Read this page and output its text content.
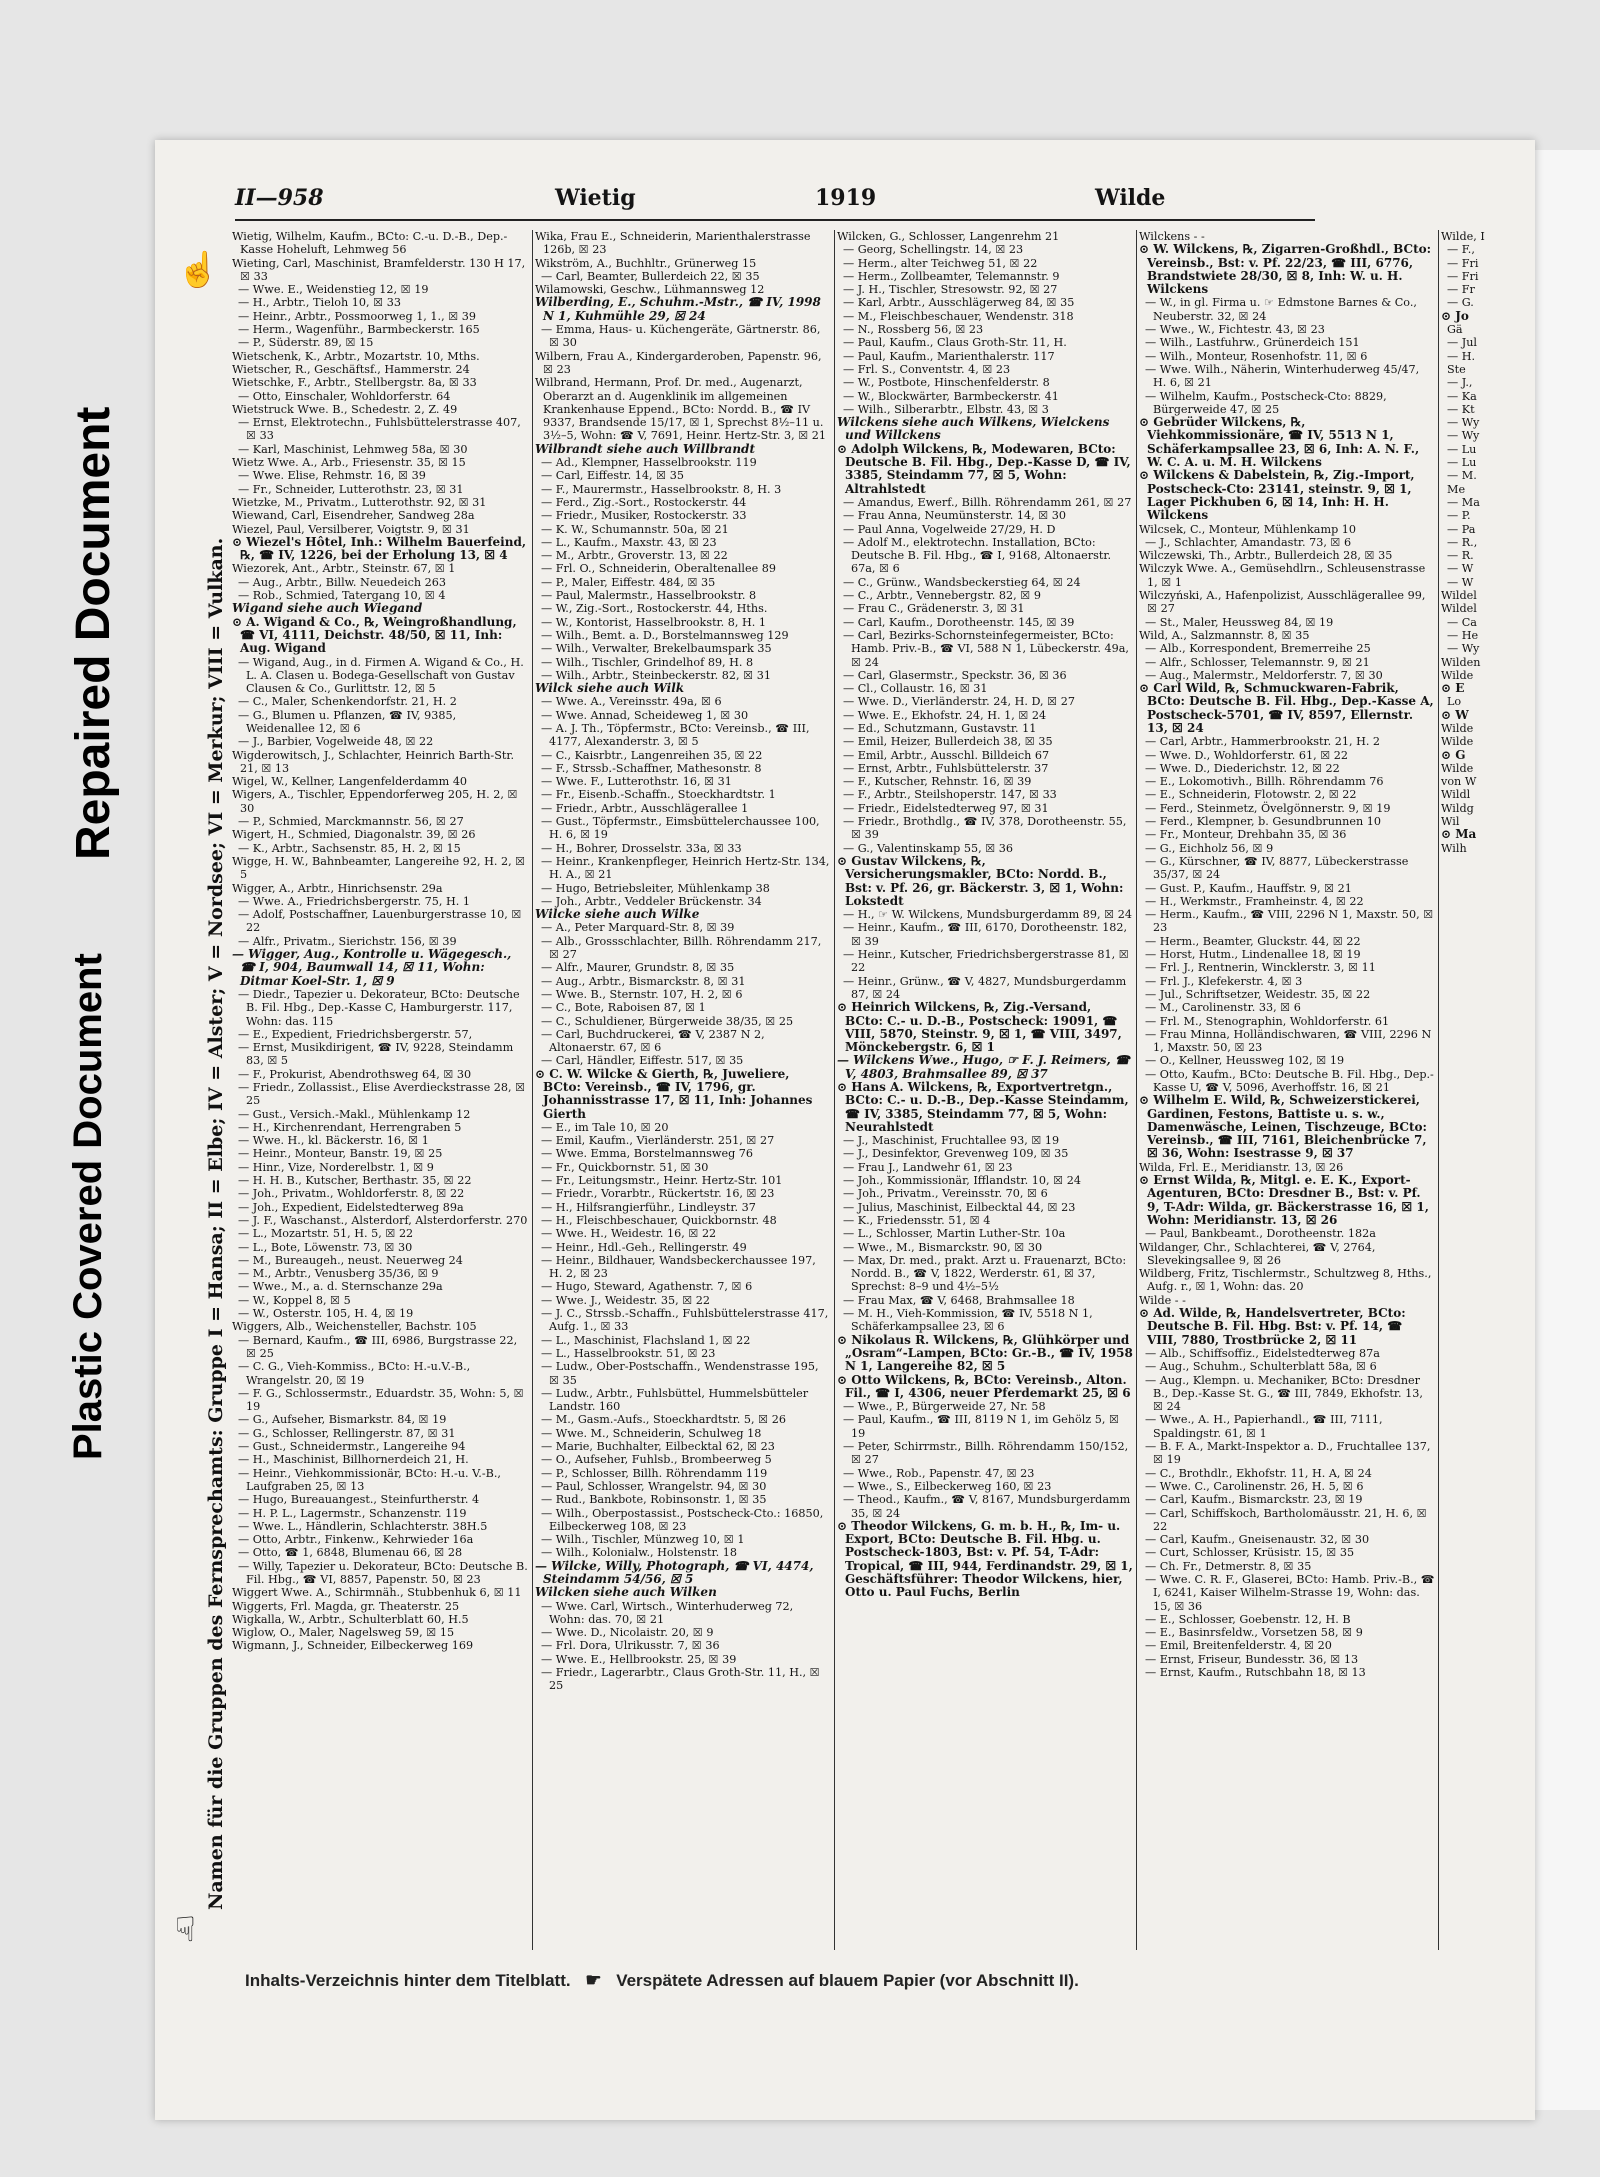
Plastic Covered Document
Repaired Document
II—958	Wietig	1919	Wilde
☝
Namen für die Gruppen des Fernsprechamts: Gruppe I = Hansa; II = Elbe; IV = Alster; V = Nordsee; VI = Merkur; VIII = Vulkan.
☟

Wietig, Wilhelm, Kaufm., BCto: C.-u. D.-B., Dep.-Kasse Hoheluft, Lehmweg 56

Wieting, Carl, Maschinist, Bramfelderstr. 130 H 17, ☒ 33

— Wwe. E., Weidenstieg 12, ☒ 19

— H., Arbtr., Tieloh 10, ☒ 33

— Heinr., Arbtr., Possmoorweg 1, 1., ☒ 39

— Herm., Wagenführ., Barmbeckerstr. 165

— P., Süderstr. 89, ☒ 15

Wietschenk, K., Arbtr., Mozartstr. 10, Mths.

Wietscher, R., Geschäftsf., Hammerstr. 24

Wietschke, F., Arbtr., Stellbergstr. 8a, ☒ 33

— Otto, Einschaler, Wohldorferstr. 64

Wietstruck Wwe. B., Schedestr. 2, Z. 49

— Ernst, Elektrotechn., Fuhlsbüttelerstrasse 407, ☒ 33

— Karl, Maschinist, Lehmweg 58a, ☒ 30

Wietz Wwe. A., Arb., Friesenstr. 35, ☒ 15

— Wwe. Elise, Rehmstr. 16, ☒ 39

— Fr., Schneider, Lutterothstr. 23, ☒ 31

Wietzke, M., Privatm., Lutterothstr. 92, ☒ 31

Wiewand, Carl, Eisendreher, Sandweg 28a

Wiezel, Paul, Versilberer, Voigtstr. 9, ☒ 31

⊙ Wiezel's Hôtel, Inh.: Wilhelm Bauerfeind, ℞, ☎ IV, 1226, bei der Erholung 13, ☒ 4

Wiezorek, Ant., Arbtr., Steinstr. 67, ☒ 1

— Aug., Arbtr., Billw. Neuedeich 263

— Rob., Schmied, Tatergang 10, ☒ 4

Wigand siehe auch Wiegand

⊙ A. Wigand & Co., ℞, Weingroßhandlung, ☎ VI, 4111, Deichstr. 48/50, ☒ 11, Inh: Aug. Wigand

— Wigand, Aug., in d. Firmen A. Wigand & Co., H. L. A. Clasen u. Bodega-Gesellschaft von Gustav Clausen & Co., Gurlittstr. 12, ☒ 5

— C., Maler, Schenkendorfstr. 21, H. 2

— G., Blumen u. Pflanzen, ☎ IV, 9385, Weidenallee 12, ☒ 6

— J., Barbier, Vogelweide 48, ☒ 22

Wigderowitsch, J., Schlachter, Heinrich Barth-Str. 21, ☒ 13

Wigel, W., Kellner, Langenfelderdamm 40

Wigers, A., Tischler, Eppendorferweg 205, H. 2, ☒ 30

— P., Schmied, Marckmannstr. 56, ☒ 27

Wigert, H., Schmied, Diagonalstr. 39, ☒ 26

— K., Arbtr., Sachsenstr. 85, H. 2, ☒ 15

Wigge, H. W., Bahnbeamter, Langereihe 92, H. 2, ☒ 5

Wigger, A., Arbtr., Hinrichsenstr. 29a

— Wwe. A., Friedrichsbergerstr. 75, H. 1

— Adolf, Postschaffner, Lauenburgerstrasse 10, ☒ 22

— Alfr., Privatm., Sierichstr. 156, ☒ 39

— Wigger, Aug., Kontrolle u. Wägegesch., ☎ I, 904, Baumwall 14, ☒ 11, Wohn: Ditmar Koel-Str. 1, ☒ 9

— Diedr., Tapezier u. Dekorateur, BCto: Deutsche B. Fil. Hbg., Dep.-Kasse C, Hamburgerstr. 117, Wohn: das. 115

— E., Expedient, Friedrichsbergerstr. 57,

— Ernst, Musikdirigent, ☎ IV, 9228, Steindamm 83, ☒ 5

— F., Prokurist, Abendrothsweg 64, ☒ 30

— Friedr., Zollassist., Elise Averdieckstrasse 28, ☒ 25

— Gust., Versich.-Makl., Mühlenkamp 12

— H., Kirchenrendant, Herrengraben 5

— Wwe. H., kl. Bäckerstr. 16, ☒ 1

— Heinr., Monteur, Banstr. 19, ☒ 25

— Hinr., Vize, Norderelbstr. 1, ☒ 9

— H. H. B., Kutscher, Berthastr. 35, ☒ 22

— Joh., Privatm., Wohldorferstr. 8, ☒ 22

— Joh., Expedient, Eidelstedterweg 89a

— J. F., Waschanst., Alsterdorf, Alsterdorferstr. 270

— L., Mozartstr. 51, H. 5, ☒ 22

— L., Bote, Löwenstr. 73, ☒ 30

— M., Bureaugeh., neust. Neuerweg 24

— M., Arbtr., Venusberg 35/36, ☒ 9

— Wwe., M., a. d. Sternschanze 29a

— W., Koppel 8, ☒ 5

— W., Osterstr. 105, H. 4, ☒ 19

Wiggers, Alb., Weichensteller, Bachstr. 105

— Bernard, Kaufm., ☎ III, 6986, Burgstrasse 22, ☒ 25

— C. G., Vieh-Kommiss., BCto: H.-u.V.-B., Wrangelstr. 20, ☒ 19

— F. G., Schlossermstr., Eduardstr. 35, Wohn: 5, ☒ 19

— G., Aufseher, Bismarkstr. 84, ☒ 19

— G., Schlosser, Rellingerstr. 87, ☒ 31

— Gust., Schneidermstr., Langereihe 94

— H., Maschinist, Billhornerdeich 21, H.

— Heinr., Viehkommissionär, BCto: H.-u. V.-B., Laufgraben 25, ☒ 13

— Hugo, Bureauangest., Steinfurtherstr. 4

— H. P. L., Lagermstr., Schanzenstr. 119

— Wwe. L., Händlerin, Schlachterstr. 38H.5

— Otto, Arbtr., Finkenw., Kehrwieder 16a

— Otto, ☎ 1, 6848, Blumenau 66, ☒ 28

— Willy, Tapezier u. Dekorateur, BCto: Deutsche B. Fil. Hbg., ☎ VI, 8857, Papenstr. 50, ☒ 23

Wiggert Wwe. A., Schirmnäh., Stubbenhuk 6, ☒ 11

Wiggerts, Frl. Magda, gr. Theaterstr. 25

Wigkalla, W., Arbtr., Schulterblatt 60, H.5

Wiglow, O., Maler, Nagelsweg 59, ☒ 15

Wigmann, J., Schneider, Eilbeckerweg 169

Wika, Frau E., Schneiderin, Marienthalerstrasse 126b, ☒ 23

Wikström, A., Buchhltr., Grünerweg 15

— Carl, Beamter, Bullerdeich 22, ☒ 35

Wilamowski, Geschw., Lühmannsweg 12

Wilberding, E., Schuhm.-Mstr., ☎ IV, 1998 N 1, Kuhmühle 29, ☒ 24

— Emma, Haus- u. Küchengeräte, Gärtnerstr. 86, ☒ 30

Wilbern, Frau A., Kindergarderoben, Papenstr. 96, ☒ 23

Wilbrand, Hermann, Prof. Dr. med., Augenarzt, Oberarzt an d. Augenklinik im allgemeinen Krankenhause Eppend., BCto: Nordd. B., ☎ IV 9337, Brandsende 15/17, ☒ 1, Sprechst 8½–11 u. 3½–5, Wohn: ☎ V, 7691, Heinr. Hertz-Str. 3, ☒ 21

Wilbrandt siehe auch Willbrandt

— Ad., Klempner, Hasselbrookstr. 119

— Carl, Eiffestr. 14, ☒ 35

— F., Maurermstr., Hasselbrookstr. 8, H. 3

— Ferd., Zig.-Sort., Rostockerstr. 44

— Friedr., Musiker, Rostockerstr. 33

— K. W., Schumannstr. 50a, ☒ 21

— L., Kaufm., Maxstr. 43, ☒ 23

— M., Arbtr., Groverstr. 13, ☒ 22

— Frl. O., Schneiderin, Oberaltenallee 89

— P., Maler, Eiffestr. 484, ☒ 35

— Paul, Malermstr., Hasselbrookstr. 8

— W., Zig.-Sort., Rostockerstr. 44, Hths.

— W., Kontorist, Hasselbrookstr. 8, H. 1

— Wilh., Bemt. a. D., Borstelmannsweg 129

— Wilh., Verwalter, Brekelbaumspark 35

— Wilh., Tischler, Grindelhof 89, H. 8

— Wilh., Arbtr., Steinbeckerstr. 82, ☒ 31

Wilck siehe auch Wilk

— Wwe. A., Vereinsstr. 49a, ☒ 6

— Wwe. Annad, Scheideweg 1, ☒ 30

— A. J. Th., Töpfermstr., BCto: Vereinsb., ☎ III, 4177, Alexanderstr. 3, ☒ 5

— C., Kaisrbtr., Langenreihen 35, ☒ 22

— F., Strssb.-Schaffner, Mathesonstr. 8

— Wwe. F., Lutterothstr. 16, ☒ 31

— Fr., Eisenb.-Schaffn., Stoeckhardtstr. 1

— Friedr., Arbtr., Ausschlägerallee 1

— Gust., Töpfermstr., Eimsbüttelerchaussee 100, H. 6, ☒ 19

— H., Bohrer, Drosselstr. 33a, ☒ 33

— Heinr., Krankenpfleger, Heinrich Hertz-Str. 134, H. A., ☒ 21

— Hugo, Betriebsleiter, Mühlenkamp 38

— Joh., Arbtr., Veddeler Brückenstr. 34

Wilcke siehe auch Wilke

— A., Peter Marquard-Str. 8, ☒ 39

— Alb., Grossschlachter, Billh. Röhrendamm 217, ☒ 27

— Alfr., Maurer, Grundstr. 8, ☒ 35

— Aug., Arbtr., Bismarckstr. 8, ☒ 31

— Wwe. B., Sternstr. 107, H. 2, ☒ 6

— C., Bote, Raboisen 87, ☒ 1

— C., Schuldiener, Bürgerweide 38/35, ☒ 25

— Carl, Buchdruckerei, ☎ V, 2387 N 2, Altonaerstr. 67, ☒ 6

— Carl, Händler, Eiffestr. 517, ☒ 35

⊙ C. W. Wilcke & Gierth, ℞, Juweliere, BCto: Vereinsb., ☎ IV, 1796, gr. Johannisstrasse 17, ☒ 11, Inh: Johannes Gierth

— E., im Tale 10, ☒ 20

— Emil, Kaufm., Vierländerstr. 251, ☒ 27

— Wwe. Emma, Borstelmannsweg 76

— Fr., Quickbornstr. 51, ☒ 30

— Fr., Leitungsmstr., Heinr. Hertz-Str. 101

— Friedr., Vorarbtr., Rückertstr. 16, ☒ 23

— H., Hilfsrangierführ., Lindleystr. 37

— H., Fleischbeschauer, Quickbornstr. 48

— Wwe. H., Weidestr. 16, ☒ 22

— Heinr., Hdl.-Geh., Rellingerstr. 49

— Heinr., Bildhauer, Wandsbeckerchaussee 197, H. 2, ☒ 23

— Hugo, Steward, Agathenstr. 7, ☒ 6

— Wwe. J., Weidestr. 35, ☒ 22

— J. C., Strssb.-Schaffn., Fuhlsbüttelerstrasse 417, Aufg. 1., ☒ 33

— L., Maschinist, Flachsland 1, ☒ 22

— L., Hasselbrookstr. 51, ☒ 23

— Ludw., Ober-Postschaffn., Wendenstrasse 195, ☒ 35

— Ludw., Arbtr., Fuhlsbüttel, Hummelsbütteler Landstr. 160

— M., Gasm.-Aufs., Stoeckhardtstr. 5, ☒ 26

— Wwe. M., Schneiderin, Schulweg 18

— Marie, Buchhalter, Eilbecktal 62, ☒ 23

— O., Aufseher, Fuhlsb., Brombeerweg 5

— P., Schlosser, Billh. Röhrendamm 119

— Paul, Schlosser, Wrangelstr. 94, ☒ 30

— Rud., Bankbote, Robinsonstr. 1, ☒ 35

— Wilh., Oberpostassist., Postscheck-Cto.: 16850, Eilbeckerweg 108, ☒ 23

— Wilh., Tischler, Münzweg 10, ☒ 1

— Wilh., Kolonialw., Holstenstr. 18

— Wilcke, Willy, Photograph, ☎ VI, 4474, Steindamm 54/56, ☒ 5

Wilcken siehe auch Wilken

— Wwe. Carl, Wirtsch., Winterhuderweg 72, Wohn: das. 70, ☒ 21

— Wwe. D., Nicolaistr. 20, ☒ 9

— Frl. Dora, Ulrikusstr. 7, ☒ 36

— Wwe. E., Hellbrookstr. 25, ☒ 39

— Friedr., Lagerarbtr., Claus Groth-Str. 11, H., ☒ 25

Wilcken, G., Schlosser, Langenrehm 21

— Georg, Schellingstr. 14, ☒ 23

— Herm., alter Teichweg 51, ☒ 22

— Herm., Zollbeamter, Telemannstr. 9

— J. H., Tischler, Stresowstr. 92, ☒ 27

— Karl, Arbtr., Ausschlägerweg 84, ☒ 35

— M., Fleischbeschauer, Wendenstr. 318

— N., Rossberg 56, ☒ 23

— Paul, Kaufm., Claus Groth-Str. 11, H.

— Paul, Kaufm., Marienthalerstr. 117

— Frl. S., Conventstr. 4, ☒ 23

— W., Postbote, Hinschenfelderstr. 8

— W., Blockwärter, Barmbeckerstr. 41

— Wilh., Silberarbtr., Elbstr. 43, ☒ 3

Wilckens siehe auch Wilkens, Wielckens und Willckens

⊙ Adolph Wilckens, ℞, Modewaren, BCto: Deutsche B. Fil. Hbg., Dep.-Kasse D, ☎ IV, 3385, Steindamm 77, ☒ 5, Wohn: Altrahlstedt

— Amandus, Ewerf., Billh. Röhrendamm 261, ☒ 27

— Frau Anna, Neumünsterstr. 14, ☒ 30

— Paul Anna, Vogelweide 27/29, H. D

— Adolf M., elektrotechn. Installation, BCto: Deutsche B. Fil. Hbg., ☎ I, 9168, Altonaerstr. 67a, ☒ 6

— C., Grünw., Wandsbeckerstieg 64, ☒ 24

— C., Arbtr., Vennebergstr. 82, ☒ 9

— Frau C., Grädenerstr. 3, ☒ 31

— Carl, Kaufm., Dorotheenstr. 145, ☒ 39

— Carl, Bezirks-Schornsteinfegermeister, BCto: Hamb. Priv.-B., ☎ VI, 588 N 1, Lübeckerstr. 49a, ☒ 24

— Carl, Glasermstr., Speckstr. 36, ☒ 36

— Cl., Collaustr. 16, ☒ 31

— Wwe. D., Vierländerstr. 24, H. D, ☒ 27

— Wwe. E., Ekhofstr. 24, H. 1, ☒ 24

— Ed., Schutzmann, Gustavstr. 11

— Emil, Heizer, Bullerdeich 38, ☒ 35

— Emil, Arbtr., Ausschl. Billdeich 67

— Ernst, Arbtr., Fuhlsbüttelerstr. 37

— F., Kutscher, Rehnstr. 16, ☒ 39

— F., Arbtr., Steilshoperstr. 147, ☒ 33

— Friedr., Eidelstedterweg 97, ☒ 31

— Friedr., Brothdlg., ☎ IV, 378, Dorotheenstr. 55, ☒ 39

— G., Valentinskamp 55, ☒ 36

⊙ Gustav Wilckens, ℞, Versicherungsmakler, BCto: Nordd. B., Bst: v. Pf. 26, gr. Bäckerstr. 3, ☒ 1, Wohn: Lokstedt

— H., ☞ W. Wilckens, Mundsburgerdamm 89, ☒ 24

— Heinr., Kaufm., ☎ III, 6170, Dorotheenstr. 182, ☒ 39

— Heinr., Kutscher, Friedrichsbergerstrasse 81, ☒ 22

— Heinr., Grünw., ☎ V, 4827, Mundsburgerdamm 87, ☒ 24

⊙ Heinrich Wilckens, ℞, Zig.-Versand, BCto: C.- u. D.-B., Postscheck: 19091, ☎ VIII, 5870, Steinstr. 9, ☒ 1, ☎ VIII, 3497, Mönckebergstr. 6, ☒ 1

— Wilckens Wwe., Hugo, ☞ F. J. Reimers, ☎ V, 4803, Brahmsallee 89, ☒ 37

⊙ Hans A. Wilckens, ℞, Exportvertretgn., BCto: C.- u. D.-B., Dep.-Kasse Steindamm, ☎ IV, 3385, Steindamm 77, ☒ 5, Wohn: Neurahlstedt

— J., Maschinist, Fruchtallee 93, ☒ 19

— J., Desinfektor, Grevenweg 109, ☒ 35

— Frau J., Landwehr 61, ☒ 23

— Joh., Kommissionär, Ifflandstr. 10, ☒ 24

— Joh., Privatm., Vereinsstr. 70, ☒ 6

— Julius, Maschinist, Eilbecktal 44, ☒ 23

— K., Friedensstr. 51, ☒ 4

— L., Schlosser, Martin Luther-Str. 10a

— Wwe., M., Bismarckstr. 90, ☒ 30

— Max, Dr. med., prakt. Arzt u. Frauenarzt, BCto: Nordd. B., ☎ V, 1822, Werderstr. 61, ☒ 37, Sprechst: 8–9 und 4½–5½

— Frau Max, ☎ V, 6468, Brahmsallee 18

— M. H., Vieh-Kommission, ☎ IV, 5518 N 1, Schäferkampsallee 23, ☒ 6

⊙ Nikolaus R. Wilckens, ℞, Glühkörper und „Osram“-Lampen, BCto: Gr.-B., ☎ IV, 1958 N 1, Langereihe 82, ☒ 5

⊙ Otto Wilckens, ℞, BCto: Vereinsb., Alton. Fil., ☎ I, 4306, neuer Pferdemarkt 25, ☒ 6

— Wwe., P., Bürgerweide 27, Nr. 58

— Paul, Kaufm., ☎ III, 8119 N 1, im Gehölz 5, ☒ 19

— Peter, Schirrmstr., Billh. Röhrendamm 150/152, ☒ 27

— Wwe., Rob., Papenstr. 47, ☒ 23

— Wwe., S., Eilbeckerweg 160, ☒ 23

— Theod., Kaufm., ☎ V, 8167, Mundsburgerdamm 35, ☒ 24

⊙ Theodor Wilckens, G. m. b. H., ℞, Im- u. Export, BCto: Deutsche B. Fil. Hbg. u. Postscheck-1803, Bst: v. Pf. 54, T-Adr: Tropical, ☎ III, 944, Ferdinandstr. 29, ☒ 1, Geschäftsführer: Theodor Wilckens, hier, Otto u. Paul Fuchs, Berlin

Wilckens - -

⊙ W. Wilckens, ℞, Zigarren-Großhdl., BCto: Vereinsb., Bst: v. Pf. 22/23, ☎ III, 6776, Brandstwiete 28/30, ☒ 8, Inh: W. u. H. Wilckens

— W., in gl. Firma u. ☞ Edmstone Barnes & Co., Neuberstr. 32, ☒ 24

— Wwe., W., Fichtestr. 43, ☒ 23

— Wilh., Lastfuhrw., Grünerdeich 151

— Wilh., Monteur, Rosenhofstr. 11, ☒ 6

— Wwe. Wilh., Näherin, Winterhuderweg 45/47, H. 6, ☒ 21

— Wilhelm, Kaufm., Postscheck-Cto: 8829, Bürgerweide 47, ☒ 25

⊙ Gebrüder Wilckens, ℞, Viehkommissionäre, ☎ IV, 5513 N 1, Schäferkampsallee 23, ☒ 6, Inh: A. N. F., W. C. A. u. M. H. Wilckens

⊙ Wilckens & Dabelstein, ℞, Zig.-Import, Postscheck-Cto: 23141, steinstr. 9, ☒ 1, Lager Pickhuben 6, ☒ 14, Inh: H. H. Wilckens

Wilcsek, C., Monteur, Mühlenkamp 10

— J., Schlachter, Amandastr. 73, ☒ 6

Wilczewski, Th., Arbtr., Bullerdeich 28, ☒ 35

Wilczyk Wwe. A., Gemüsehdlrn., Schleusenstrasse 1, ☒ 1

Wilczyński, A., Hafenpolizist, Ausschlägerallee 99, ☒ 27

— St., Maler, Heussweg 84, ☒ 19

Wild, A., Salzmannstr. 8, ☒ 35

— Alb., Korrespondent, Bremerreihe 25

— Alfr., Schlosser, Telemannstr. 9, ☒ 21

— Aug., Malermstr., Meldorferstr. 7, ☒ 30

⊙ Carl Wild, ℞, Schmuckwaren-Fabrik, BCto: Deutsche B. Fil. Hbg., Dep.-Kasse A, Postscheck-5701, ☎ IV, 8597, Ellernstr. 13, ☒ 24

— Carl, Arbtr., Hammerbrookstr. 21, H. 2

— Wwe. D., Wohldorferstr. 61, ☒ 22

— Wwe. D., Diederichstr. 12, ☒ 22

— E., Lokomotivh., Billh. Röhrendamm 76

— E., Schneiderin, Flotowstr. 2, ☒ 22

— Ferd., Steinmetz, Övelgönnerstr. 9, ☒ 19

— Ferd., Klempner, b. Gesundbrunnen 10

— Fr., Monteur, Drehbahn 35, ☒ 36

— G., Eichholz 56, ☒ 9

— G., Kürschner, ☎ IV, 8877, Lübeckerstrasse 35/37, ☒ 24

— Gust. P., Kaufm., Hauffstr. 9, ☒ 21

— H., Werkmstr., Framheinstr. 4, ☒ 22

— Herm., Kaufm., ☎ VIII, 2296 N 1, Maxstr. 50, ☒ 23

— Herm., Beamter, Gluckstr. 44, ☒ 22

— Horst, Hutm., Lindenallee 18, ☒ 19

— Frl. J., Rentnerin, Wincklerstr. 3, ☒ 11

— Frl. J., Klefekerstr. 4, ☒ 3

— Jul., Schriftsetzer, Weidestr. 35, ☒ 22

— M., Carolinenstr. 33, ☒ 6

— Frl. M., Stenographin, Wohldorferstr. 61

— Frau Minna, Holländischwaren, ☎ VIII, 2296 N 1, Maxstr. 50, ☒ 23

— O., Kellner, Heussweg 102, ☒ 19

— Otto, Kaufm., BCto: Deutsche B. Fil. Hbg., Dep.-Kasse U, ☎ V, 5096, Averhoffstr. 16, ☒ 21

⊙ Wilhelm E. Wild, ℞, Schweizerstickerei, Gardinen, Festons, Battiste u. s. w., Damenwäsche, Leinen, Tischzeuge, BCto: Vereinsb., ☎ III, 7161, Bleichenbrücke 7, ☒ 36, Wohn: Isestrasse 9, ☒ 37

Wilda, Frl. E., Meridianstr. 13, ☒ 26

⊙ Ernst Wilda, ℞, Mitgl. e. E. K., Export-Agenturen, BCto: Dresdner B., Bst: v. Pf. 9, T-Adr: Wilda, gr. Bäckerstrasse 16, ☒ 1, Wohn: Meridianstr. 13, ☒ 26

— Paul, Bankbeamt., Dorotheenstr. 182a

Wildanger, Chr., Schlachterei, ☎ V, 2764, Slevekingsallee 9, ☒ 26

Wildberg, Fritz, Tischlermstr., Schultzweg 8, Hths., Aufg. r., ☒ 1, Wohn: das. 20

Wilde - -

⊙ Ad. Wilde, ℞, Handelsvertreter, BCto: Deutsche B. Fil. Hbg. Bst: v. Pf. 14, ☎ VIII, 7880, Trostbrücke 2, ☒ 11

— Alb., Schiffsoffiz., Eidelstedterweg 87a

— Aug., Schuhm., Schulterblatt 58a, ☒ 6

— Aug., Klempn. u. Mechaniker, BCto: Dresdner B., Dep.-Kasse St. G., ☎ III, 7849, Ekhofstr. 13, ☒ 24

— Wwe., A. H., Papierhandl., ☎ III, 7111, Spaldingstr. 61, ☒ 1

— B. F. A., Markt-Inspektor a. D., Fruchtallee 137, ☒ 19

— C., Brothdlr., Ekhofstr. 11, H. A, ☒ 24

— Wwe. C., Carolinenstr. 26, H. 5, ☒ 6

— Carl, Kaufm., Bismarckstr. 23, ☒ 19

— Carl, Schiffskoch, Bartholomäusstr. 21, H. 6, ☒ 22

— Carl, Kaufm., Gneisenaustr. 32, ☒ 30

— Curt, Schlosser, Krüsistr. 15, ☒ 35

— Ch. Fr., Detmerstr. 8, ☒ 35

— Wwe. C. R. F., Glaserei, BCto: Hamb. Priv.-B., ☎ I, 6241, Kaiser Wilhelm-Strasse 19, Wohn: das. 15, ☒ 36

— E., Schlosser, Goebenstr. 12, H. B

— E., Basinrsfeldw., Vorsetzen 58, ☒ 9

— Emil, Breitenfelderstr. 4, ☒ 20

— Ernst, Friseur, Bundesstr. 36, ☒ 13

— Ernst, Kaufm., Rutschbahn 18, ☒ 13

Wilde, I

— F.,

— Fri

— Fri

— Fr

— G.

⊙ Jo

Gä

— Jul

— H.

Ste

— J.,

— Ka

— Kt

— Wy

— Wy

— Lu

— Lu

— M.

Me

— Ma

— P.

— Pa

— R.,

— R.

— W

— W

Wildel

Wildel

— Ca

— He

— Wy

Wilden

Wilde

⊙ E

Lo

⊙ W

Wilde

Wilde

⊙ G

Wilde

von W

Wildl

Wildg

Wil

⊙ Ma

Wilh

Inhalts-Verzeichnis hinter dem Titelblatt. ☛ Verspätete Adressen auf blauem Papier (vor Abschnitt II).
